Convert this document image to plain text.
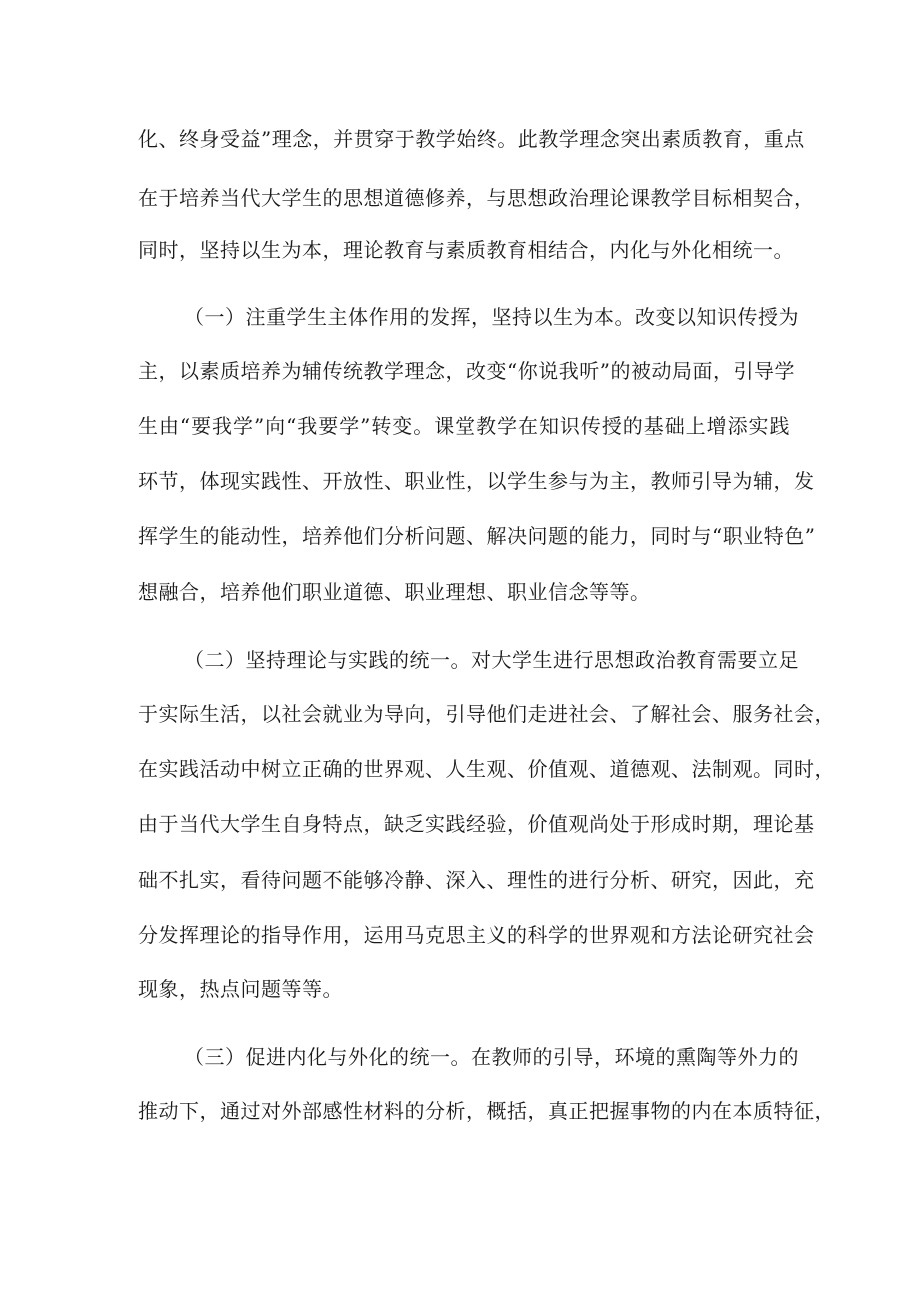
化、终身受益”理念，并贯穿于教学始终。此教学理念突出素质教育，重点
在于培养当代大学生的思想道德修养，与思想政治理论课教学目标相契合，
同时，坚持以生为本，理论教育与素质教育相结合，内化与外化相统一。
（一）注重学生主体作用的发挥，坚持以生为本。改变以知识传授为
主，以素质培养为辅传统教学理念，改变“你说我听”的被动局面，引导学
生由“要我学”向“我要学”转变。课堂教学在知识传授的基础上增添实践
环节，体现实践性、开放性、职业性，以学生参与为主，教师引导为辅，发
挥学生的能动性，培养他们分析问题、解决问题的能力，同时与“职业特色”
想融合，培养他们职业道德、职业理想、职业信念等等。
（二）坚持理论与实践的统一。对大学生进行思想政治教育需要立足
于实际生活，以社会就业为导向，引导他们走进社会、了解社会、服务社会，
在实践活动中树立正确的世界观、人生观、价值观、道德观、法制观。同时，
由于当代大学生自身特点，缺乏实践经验，价值观尚处于形成时期，理论基
础不扎实，看待问题不能够冷静、深入、理性的进行分析、研究，因此，充
分发挥理论的指导作用，运用马克思主义的科学的世界观和方法论研究社会
现象，热点问题等等。
（三）促进内化与外化的统一。在教师的引导，环境的熏陶等外力的
推动下，通过对外部感性材料的分析，概括，真正把握事物的内在本质特征，
